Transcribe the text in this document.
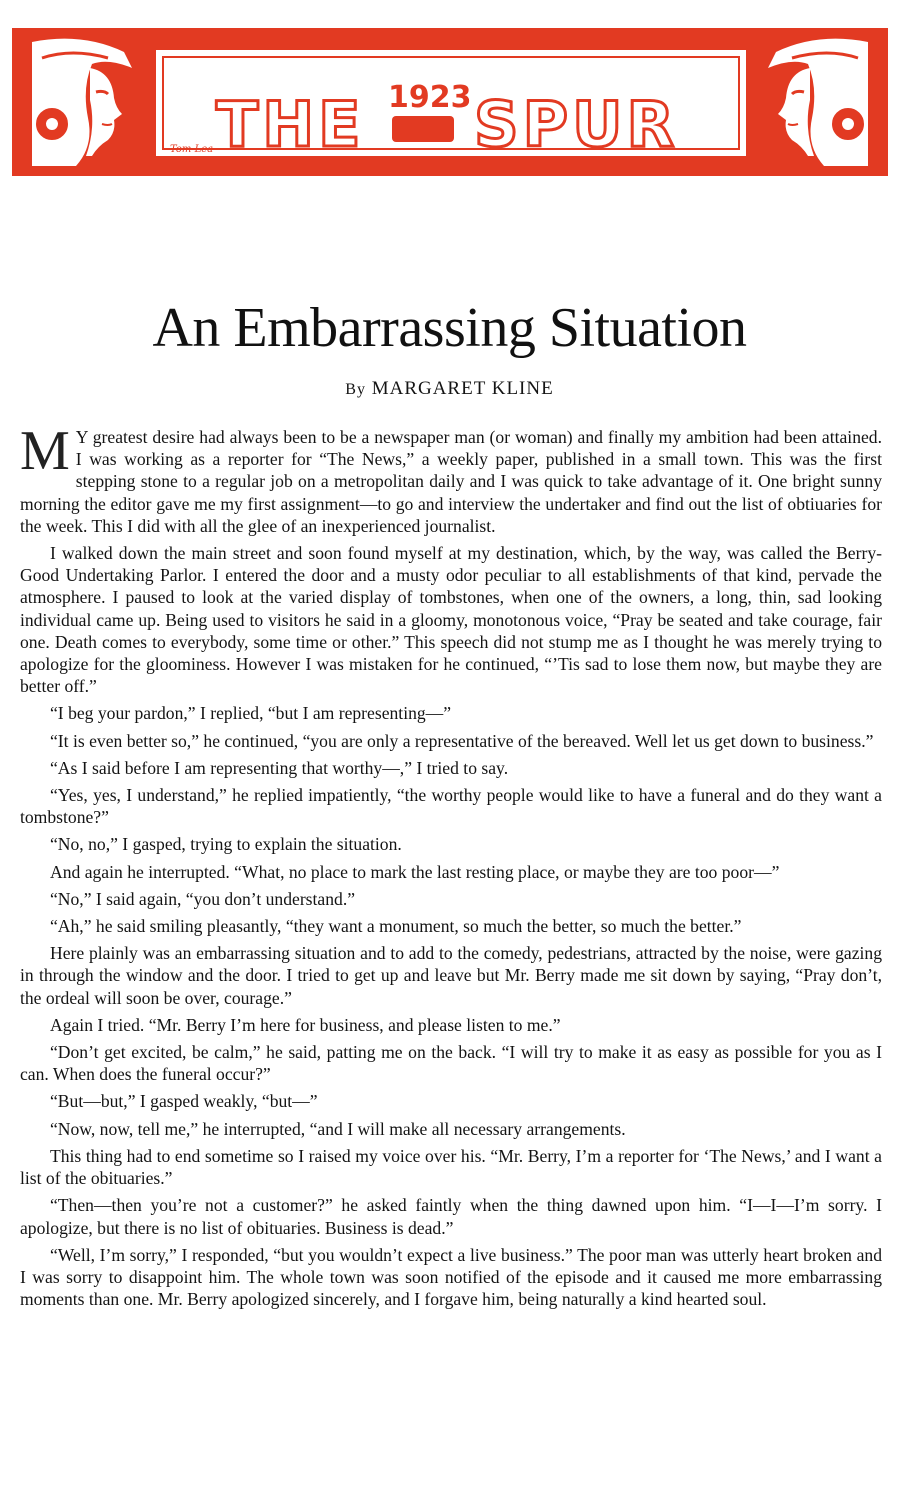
THE 1923 SPUR
Tom Lea
An Embarrassing Situation
By MARGARET KLINE

M Y greatest desire had always been to be a newspaper man (or woman) and finally my ambition had been attained. I was working as a reporter for “The News,” a weekly paper, published in a small town. This was the first stepping stone to a regular job on a metropolitan daily and I was quick to take advantage of it. One bright sunny morning the editor gave me my first assignment—to go and interview the undertaker and find out the list of obtiuaries for the week. This I did with all the glee of an inexperienced journalist.

I walked down the main street and soon found myself at my destination, which, by the way, was called the Berry-Good Undertaking Parlor. I entered the door and a musty odor peculiar to all establishments of that kind, pervade the atmosphere. I paused to look at the varied display of tombstones, when one of the owners, a long, thin, sad looking individual came up. Being used to visitors he said in a gloomy, monotonous voice, “Pray be seated and take courage, fair one. Death comes to everybody, some time or other.” This speech did not stump me as I thought he was merely trying to apologize for the gloominess. However I was mistaken for he continued, “’Tis sad to lose them now, but maybe they are better off.”

“I beg your pardon,” I replied, “but I am representing—”

“It is even better so,” he continued, “you are only a representative of the bereaved. Well let us get down to business.”

“As I said before I am representing that worthy—,” I tried to say.

“Yes, yes, I understand,” he replied impatiently, “the worthy people would like to have a funeral and do they want a tombstone?”

“No, no,” I gasped, trying to explain the situation.

And again he interrupted. “What, no place to mark the last resting place, or maybe they are too poor—”

“No,” I said again, “you don’t understand.”

“Ah,” he said smiling pleasantly, “they want a monument, so much the better, so much the better.”

Here plainly was an embarrassing situation and to add to the comedy, pedestrians, attracted by the noise, were gazing in through the window and the door. I tried to get up and leave but Mr. Berry made me sit down by saying, “Pray don’t, the ordeal will soon be over, courage.”

Again I tried. “Mr. Berry I’m here for business, and please listen to me.”

“Don’t get excited, be calm,” he said, patting me on the back. “I will try to make it as easy as possible for you as I can. When does the funeral occur?”

“But—but,” I gasped weakly, “but—”

“Now, now, tell me,” he interrupted, “and I will make all necessary arrangements.

This thing had to end sometime so I raised my voice over his. “Mr. Berry, I’m a reporter for ‘The News,’ and I want a list of the obituaries.”

“Then—then you’re not a customer?” he asked faintly when the thing dawned upon him. “I—I—I’m sorry. I apologize, but there is no list of obituaries. Business is dead.”

“Well, I’m sorry,” I responded, “but you wouldn’t expect a live business.” The poor man was utterly heart broken and I was sorry to disappoint him. The whole town was soon notified of the episode and it caused me more embarrassing moments than one. Mr. Berry apologized sincerely, and I forgave him, being naturally a kind hearted soul.
